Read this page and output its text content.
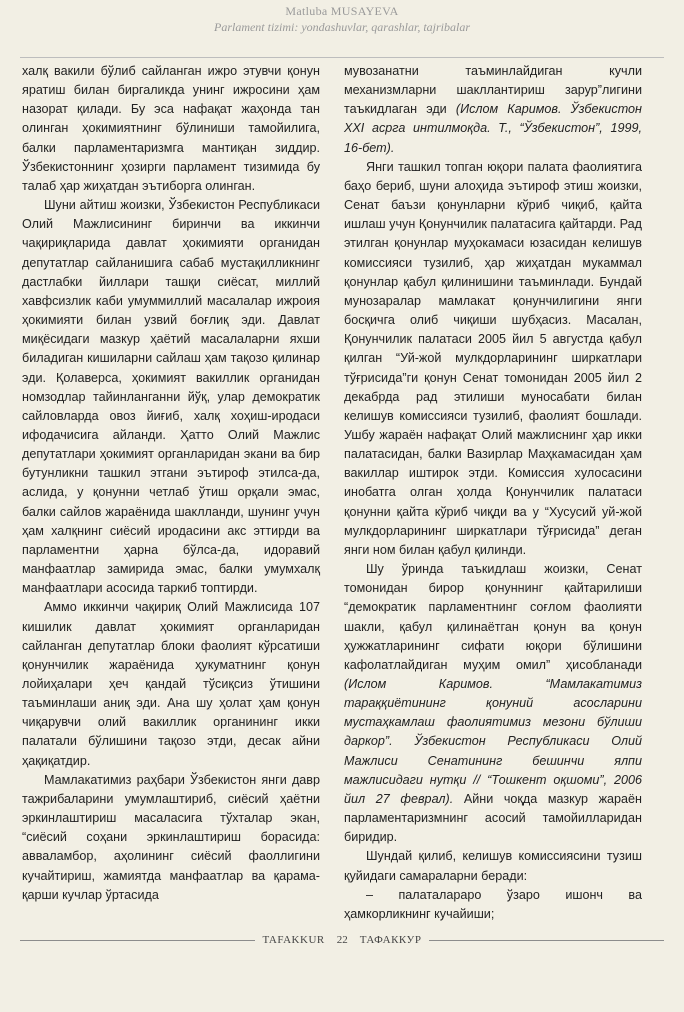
Matluba MUSAYEVA
Parlament tizimi: yondashuvlar, qarashlar, tajribalar

халқ вакили бўлиб сайланган ижро этувчи қонун яратиш билан биргаликда унинг ижросини ҳам назорат қилади. Бу эса нафақат жаҳонда тан олинган ҳокимиятнинг бўлиниши тамойилига, балки парламентаризмга мантиқан зиддир. Ўзбекистоннинг ҳозирги парламент тизимида бу талаб ҳар жиҳатдан эътиборга олинган.

Шуни айтиш жоизки, Ўзбекистон Республикаси Олий Мажлисининг биринчи ва иккинчи чақириқларида давлат ҳокимияти органидан депутатлар сайланишига сабаб мустақилликнинг дастлабки йиллари ташқи сиёсат, миллий хавфсизлик каби умуммиллий масалалар ижроия ҳокимияти билан узвий боғлиқ эди. Давлат миқёсидаги мазкур ҳаётий масалаларни яхши биладиган кишиларни сайлаш ҳам тақозо қилинар эди. Қолаверса, ҳокимият вакиллик органидан номзодлар тайинланганни йўқ, улар демократик сайловларда овоз йиғиб, халқ хоҳиш-иродаси ифодачисига айланди. Ҳатто Олий Мажлис депутатлари ҳокимият органларидан экани ва бир бутунликни ташкил этгани эътироф этилса-да, аслида, у қонунни четлаб ўтиш орқали эмас, балки сайлов жараёнида шаклланди, шунинг учун ҳам халқнинг сиёсий иродасини акс эттирди ва парламентни ҳарна бўлса-да, идоравий манфаатлар замирида эмас, балки умумхалқ манфаатлари асосида таркиб топтирди.

Аммо иккинчи чақириқ Олий Мажлисида 107 кишилик давлат ҳокимият органларидан сайланган депутатлар блоки фаолият кўрсатиши қонунчилик жараёнида ҳукуматнинг қонун лойиҳалари ҳеч қандай тўсиқсиз ўтишини таъминлаши аниқ эди. Ана шу ҳолат ҳам қонун чиқарувчи олий вакиллик органининг икки палатали бўлишини тақозо этди, десак айни ҳақиқатдир.

Мамлакатимиз раҳбари Ўзбекистон янги давр тажрибаларини умумлаштириб, сиёсий ҳаётни эркинлаштириш масаласига тўхталар экан, “сиёсий соҳани эркинлаштириш борасида: авваламбор, аҳолининг сиёсий фаоллигини кучайтириш, жамиятда манфаатлар ва қарама-қарши кучлар ўртасида

мувозанатни таъминлайдиган кучли механизмларни шакллантириш зарур”лигини таъкидлаган эди (Ислом Каримов. Ўзбекистон XXI асрга интилмоқда. Т., “Ўзбекистон”, 1999, 16-бет).

Янги ташкил топган юқори палата фаолиятига баҳо бериб, шуни алоҳида эътироф этиш жоизки, Сенат баъзи қонунларни кўриб чиқиб, қайта ишлаш учун Қонунчилик палатасига қайтарди. Рад этилган қонунлар муҳокамаси юзасидан келишув комиссияси тузилиб, ҳар жиҳатдан мукаммал қонунлар қабул қилинишини таъминлади. Бундай мунозаралар мамлакат қонунчилигини янги босқичга олиб чиқиши шубҳасиз. Масалан, Қонунчилик палатаси 2005 йил 5 августда қабул қилган “Уй-жой мулкдорларининг ширкатлари тўғрисида”ги қонун Сенат томонидан 2005 йил 2 декабрда рад этилиши муносабати билан келишув комиссияси тузилиб, фаолият бошлади. Ушбу жараён нафақат Олий мажлиснинг ҳар икки палатасидан, балки Вазирлар Маҳкамасидан ҳам вакиллар иштирок этди. Комиссия хулосасини инобатга олган ҳолда Қонунчилик палатаси қонунни қайта кўриб чиқди ва у “Хусусий уй-жой мулкдорларининг ширкатлари тўғрисида” деган янги ном билан қабул қилинди.

Шу ўринда таъкидлаш жоизки, Сенат томонидан бирор қонуннинг қайтарилиши “демократик парламентнинг соғлом фаолияти шакли, қабул қилинаётган қонун ва қонун ҳужжатларининг сифати юқори бўлишини кафолатлайдиган муҳим омил” ҳисобланади (Ислом Каримов. “Мамлакатимиз тараққиётининг қонуний асосларини мустаҳкамлаш фаолиятимиз мезони бўлиши даркор”. Ўзбекистон Республикаси Олий Мажлиси Сенатининг бешинчи ялпи мажлисидаги нутқи // “Тошкент оқшоми”, 2006 йил 27 феврал). Айни чоқда мазкур жараён парламентаризмнинг асосий тамойилларидан биридир.

Шундай қилиб, келишув комиссиясини тузиш қуйидаги самараларни беради:

– палаталараро ўзаро ишонч ва ҳамкорликнинг кучайиши;

TAFAKKUR 22 ТАФАККУР
